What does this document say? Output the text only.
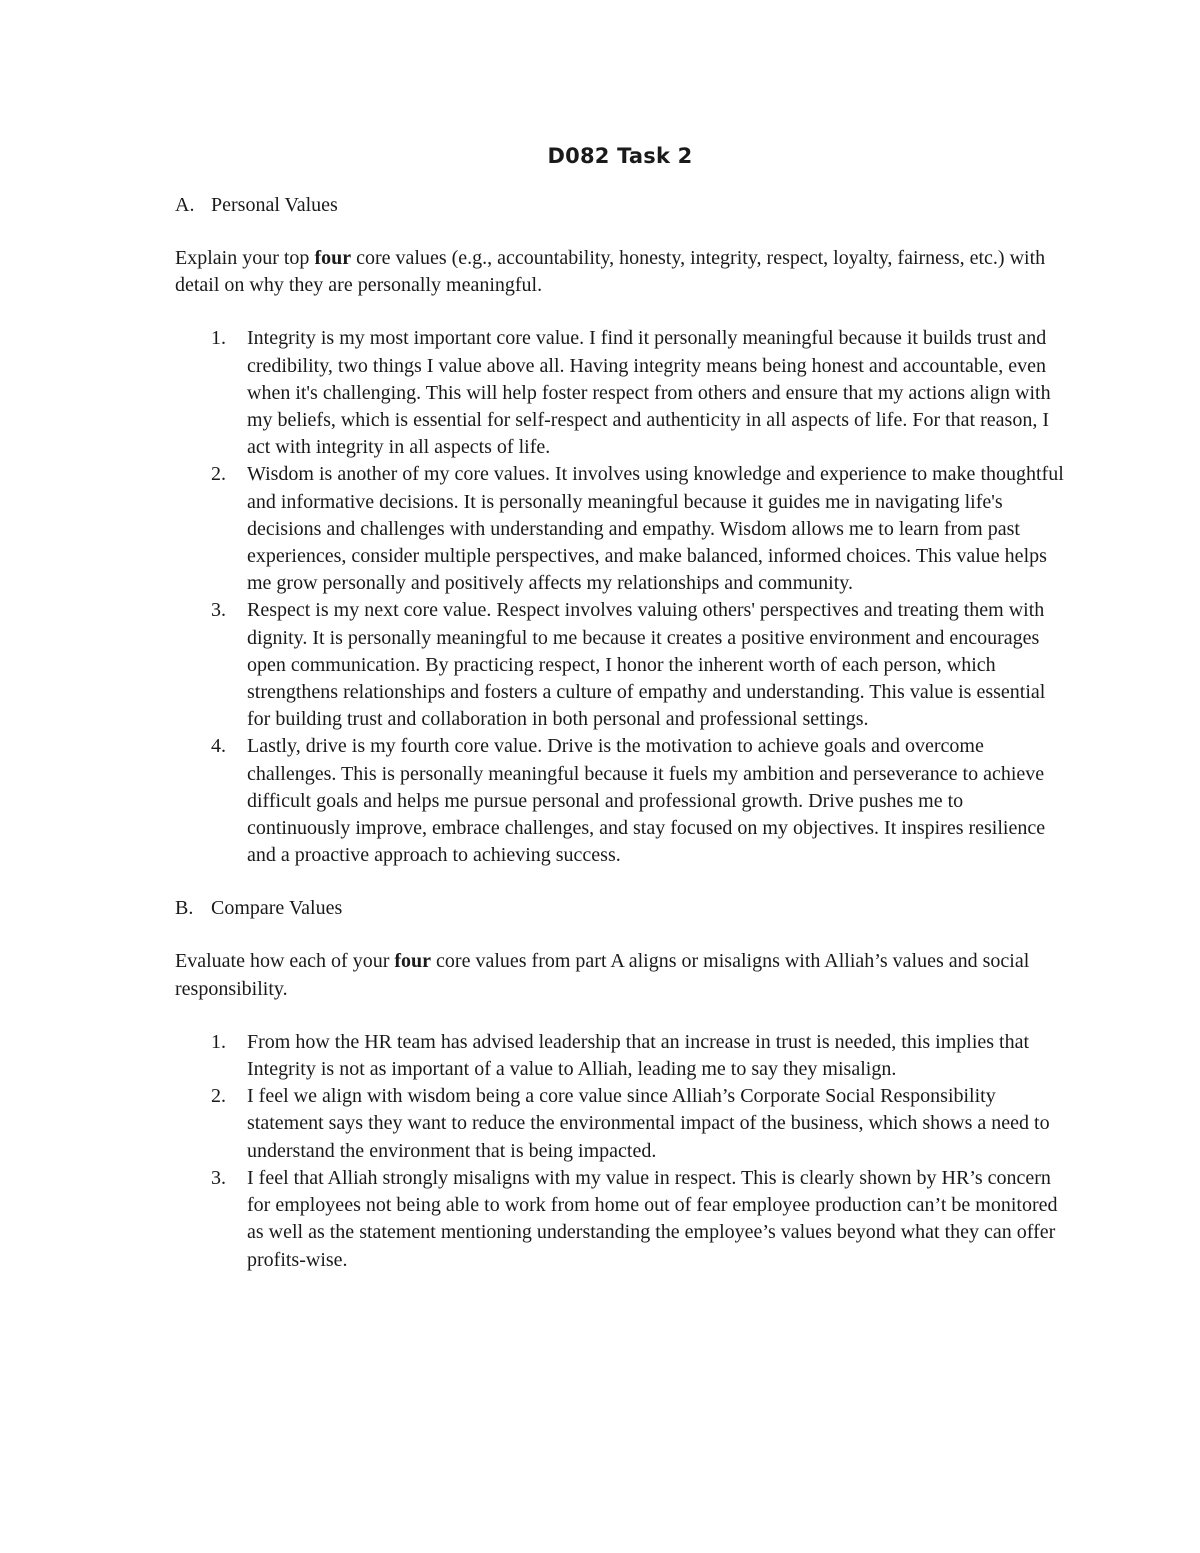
D082 Task 2
A. Personal Values

Explain your top four core values (e.g., accountability, honesty, integrity, respect, loyalty, fairness, etc.) with detail on why they are personally meaningful.

1.	Integrity is my most important core value. I find it personally meaningful because it builds trust and credibility, two things I value above all. Having integrity means being honest and accountable, even when it's challenging. This will help foster respect from others and ensure that my actions align with my beliefs, which is essential for self-respect and authenticity in all aspects of life. For that reason, I act with integrity in all aspects of life.
2.	Wisdom is another of my core values. It involves using knowledge and experience to make thoughtful and informative decisions. It is personally meaningful because it guides me in navigating life's decisions and challenges with understanding and empathy. Wisdom allows me to learn from past experiences, consider multiple perspectives, and make balanced, informed choices. This value helps me grow personally and positively affects my relationships and community.
3.	Respect is my next core value. Respect involves valuing others' perspectives and treating them with dignity. It is personally meaningful to me because it creates a positive environment and encourages open communication. By practicing respect, I honor the inherent worth of each person, which strengthens relationships and fosters a culture of empathy and understanding. This value is essential for building trust and collaboration in both personal and professional settings.
4.	Lastly, drive is my fourth core value. Drive is the motivation to achieve goals and overcome challenges. This is personally meaningful because it fuels my ambition and perseverance to achieve difficult goals and helps me pursue personal and professional growth. Drive pushes me to continuously improve, embrace challenges, and stay focused on my objectives. It inspires resilience and a proactive approach to achieving success.
B. Compare Values

Evaluate how each of your four core values from part A aligns or misaligns with Alliah’s values and social responsibility.

1.	From how the HR team has advised leadership that an increase in trust is needed, this implies that Integrity is not as important of a value to Alliah, leading me to say they misalign.
2.	I feel we align with wisdom being a core value since Alliah’s Corporate Social Responsibility statement says they want to reduce the environmental impact of the business, which shows a need to understand the environment that is being impacted.
3.	I feel that Alliah strongly misaligns with my value in respect. This is clearly shown by HR’s concern for employees not being able to work from home out of fear employee production can’t be monitored as well as the statement mentioning understanding the employee’s values beyond what they can offer profits-wise.
